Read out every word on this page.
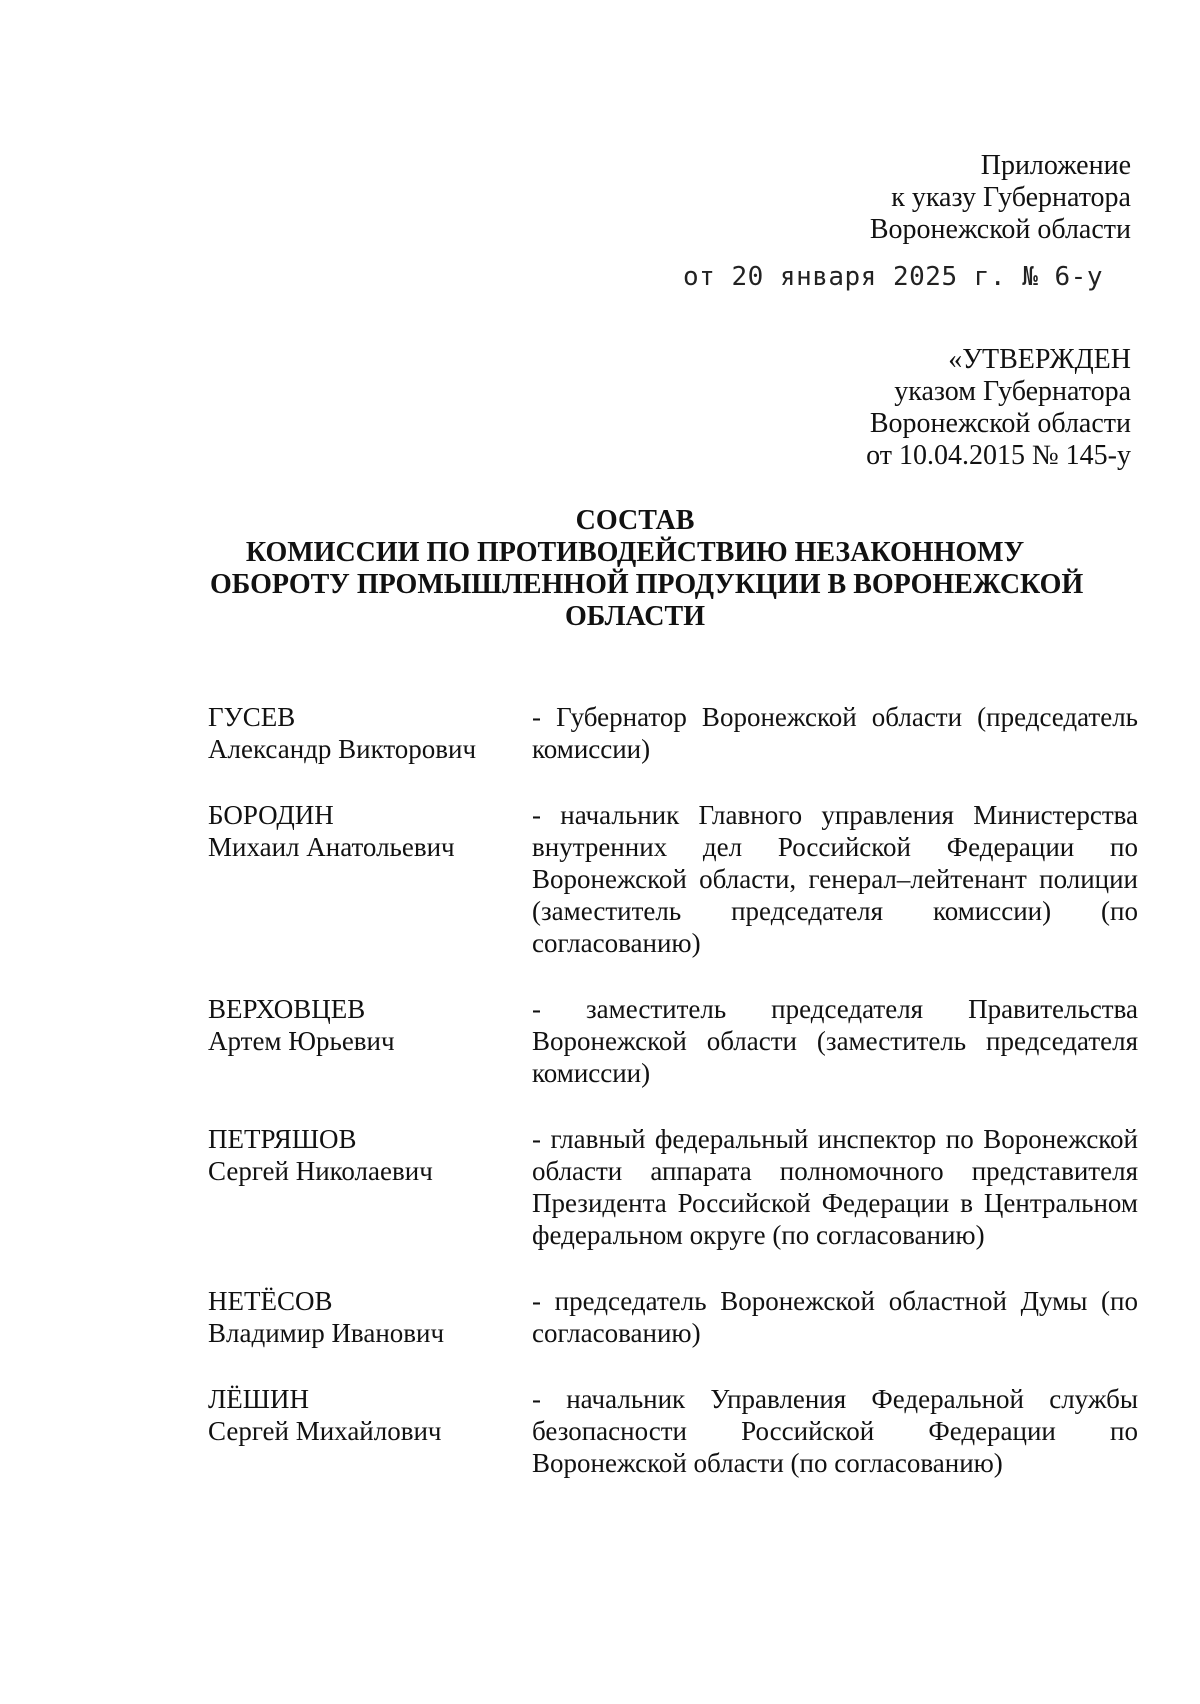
Приложение
к указу Губернатора
Воронежской области
от 20 января 2025 г. № 6-у
«УТВЕРЖДЕН
указом Губернатора
Воронежской области
от 10.04.2015 № 145-у
СОСТАВ
КОМИССИИ ПО ПРОТИВОДЕЙСТВИЮ НЕЗАКОННОМУ
ОБОРОТУ ПРОМЫШЛЕННОЙ ПРОДУКЦИИ В ВОРОНЕЖСКОЙ
ОБЛАСТИ
ГУСЕВ
Александр Викторович
- Губернатор Воронежской области (председатель комиссии)
БОРОДИН
Михаил Анатольевич
- начальник Главного управления Министерства внутренних дел Российской Федерации по Воронежской области, генерал–лейтенант полиции (заместитель председателя комиссии) (по согласованию)
ВЕРХОВЦЕВ
Артем Юрьевич
- заместитель председателя Правительства Воронежской области (заместитель председателя комиссии)
ПЕТРЯШОВ
Сергей Николаевич
- главный федеральный инспектор по Воронежской области аппарата полномочного представителя Президента Российской Федерации в Центральном федеральном округе (по согласованию)
НЕТЁСОВ
Владимир Иванович
- председатель Воронежской областной Думы (по согласованию)
ЛЁШИН
Сергей Михайлович
- начальник Управления Федеральной службы безопасности Российской Федерации по Воронежской области (по согласованию)
